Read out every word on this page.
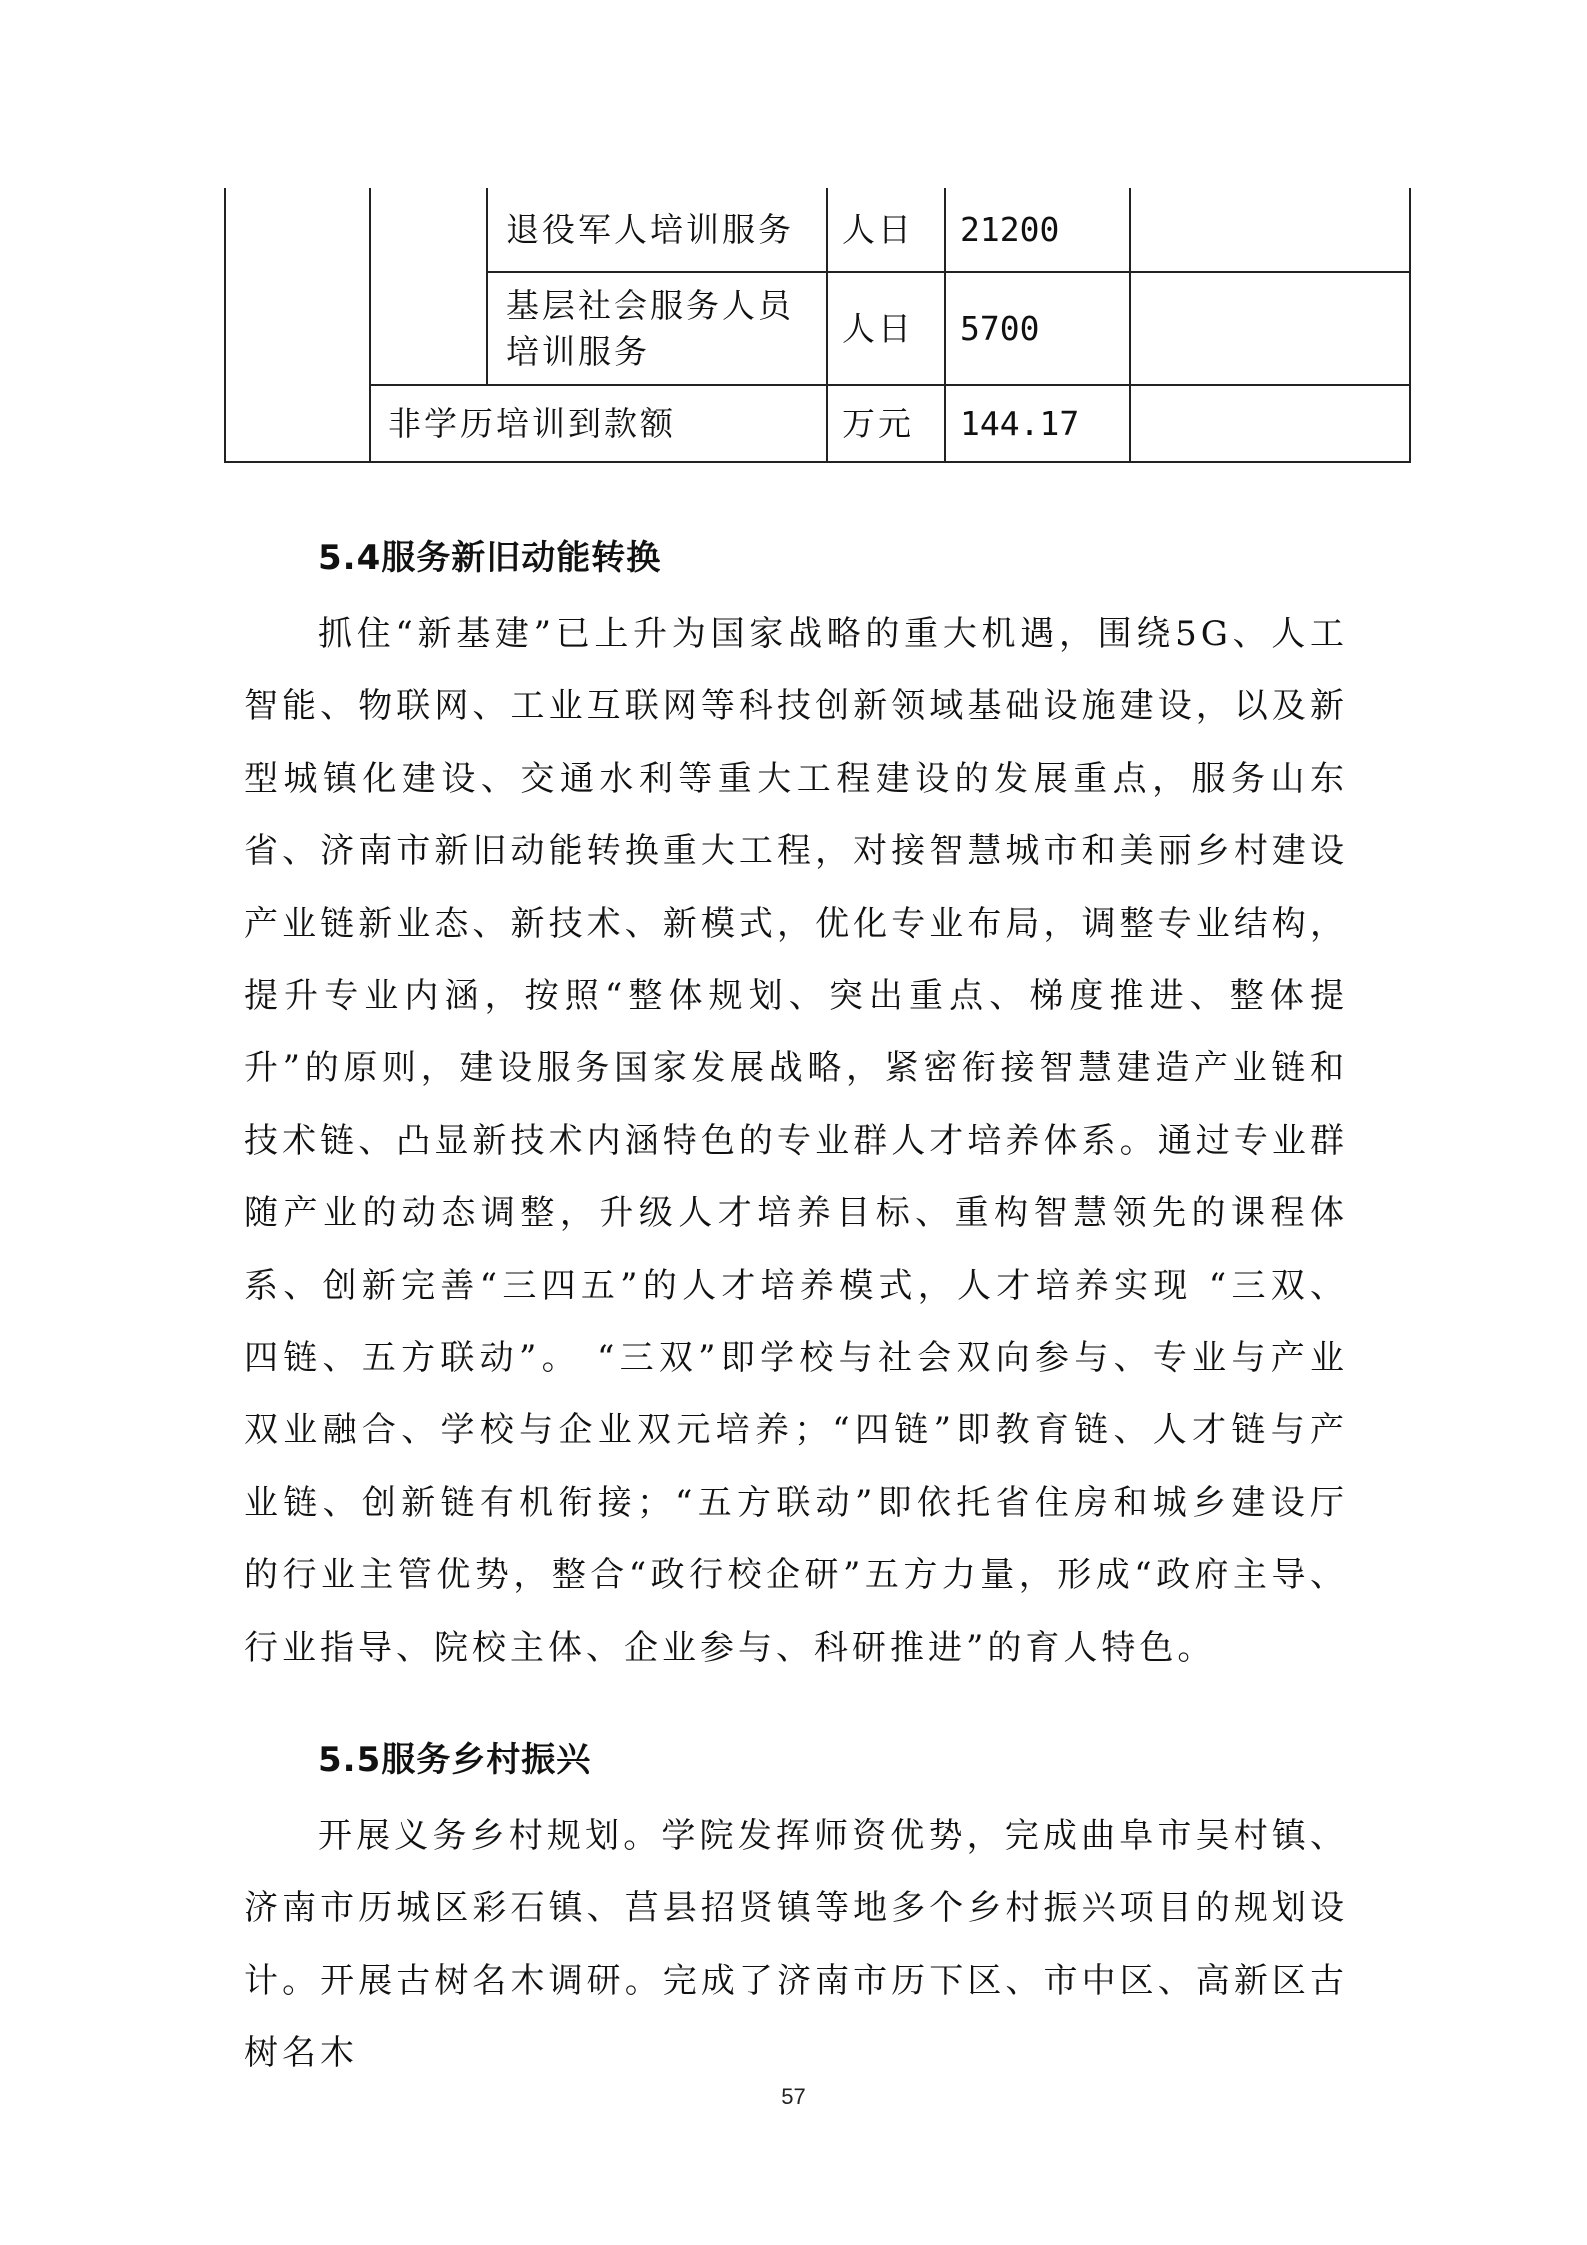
退役军人培训服务 人日 21200
基层社会服务人员培训服务
人日 5700
非学历培训到款额	万元 144.17
5.4服务新旧动能转换

抓住“新基建”已上升为国家战略的重大机遇，围绕5G、人工智能、物联网、工业互联网等科技创新领域基础设施建设，以及新型城镇化建设、交通水利等重大工程建设的发展重点，服务山东省、济南市新旧动能转换重大工程，对接智慧城市和美丽乡村建设产业链新业态、新技术、新模式，优化专业布局，调整专业结构，提升专业内涵，按照“整体规划、突出重点、梯度推进、整体提升”的原则，建设服务国家发展战略，紧密衔接智慧建造产业链和技术链、凸显新技术内涵特色的专业群人才培养体系。通过专业群随产业的动态调整，升级人才培养目标、重构智慧领先的课程体系、创新完善“三四五”的人才培养模式，人才培养实现 “三双、四链、五方联动”。 “三双”即学校与社会双向参与、专业与产业双业融合、学校与企业双元培养；“四链”即教育链、人才链与产业链、创新链有机衔接；“五方联动”即依托省住房和城乡建设厅的行业主管优势，整合“政行校企研”五方力量，形成“政府主导、行业指导、院校主体、企业参与、科研推进”的育人特色。

5.5服务乡村振兴

开展义务乡村规划。学院发挥师资优势，完成曲阜市吴村镇、济南市历城区彩石镇、莒县招贤镇等地多个乡村振兴项目的规划设计。开展古树名木调研。完成了济南市历下区、市中区、高新区古树名木

57
